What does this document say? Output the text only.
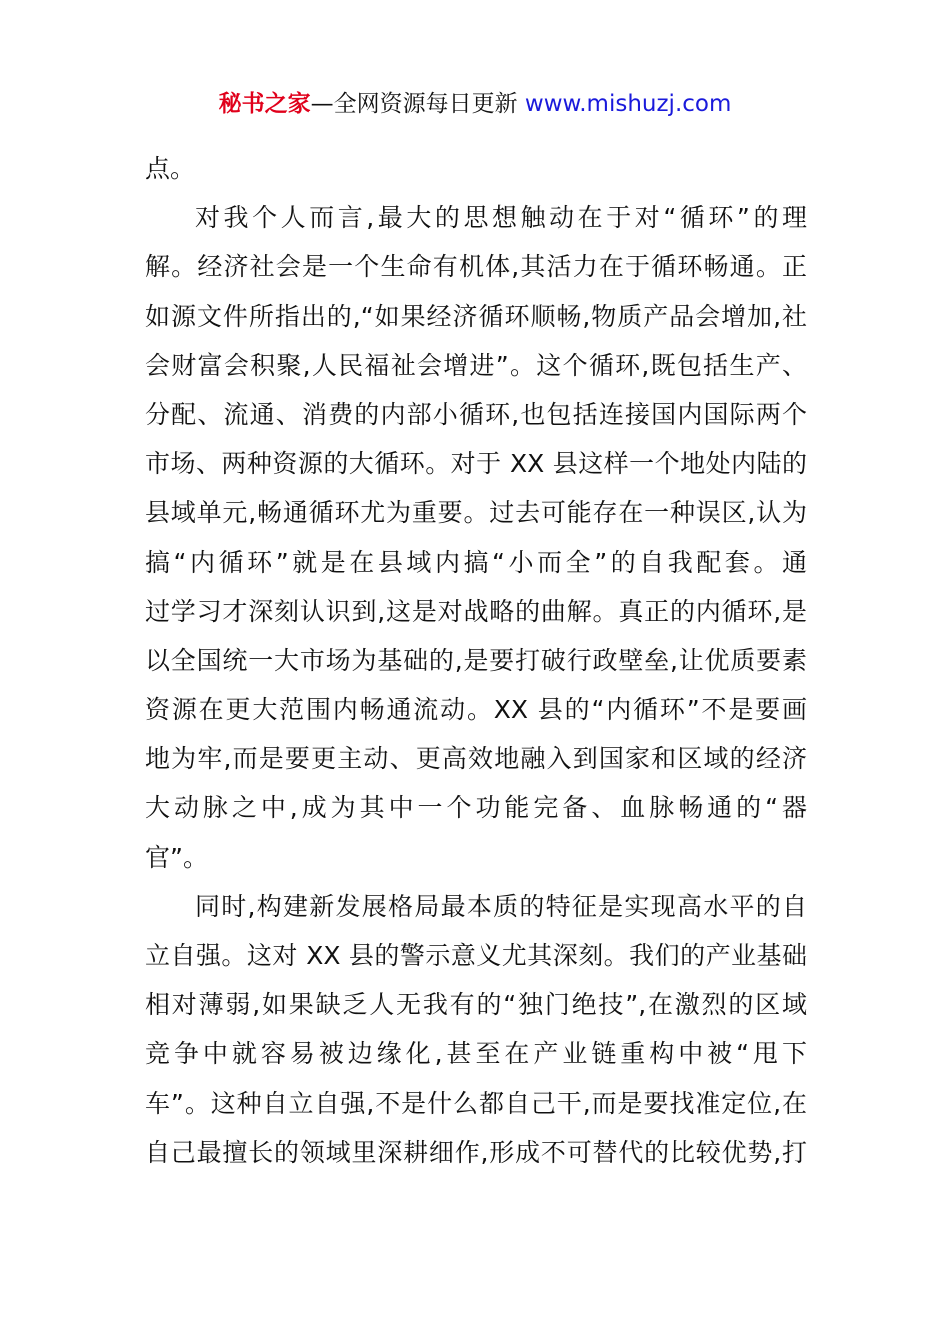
秘书之家—全网资源每日更新 www.mishuzj.com
点。
对我个人而言,最大的思想触动在于对“循环”的理
解。经济社会是一个生命有机体,其活力在于循环畅通。正
如源文件所指出的,“如果经济循环顺畅,物质产品会增加,社
会财富会积聚,人民福祉会增进”。这个循环,既包括生产、
分配、流通、消费的内部小循环,也包括连接国内国际两个
市场、两种资源的大循环。对于 XX 县这样一个地处内陆的
县域单元,畅通循环尤为重要。过去可能存在一种误区,认为
搞“内循环”就是在县域内搞“小而全”的自我配套。通
过学习才深刻认识到,这是对战略的曲解。真正的内循环,是
以全国统一大市场为基础的,是要打破行政壁垒,让优质要素
资源在更大范围内畅通流动。XX 县的“内循环”不是要画
地为牢,而是要更主动、更高效地融入到国家和区域的经济
大动脉之中,成为其中一个功能完备、血脉畅通的“器
官”。
同时,构建新发展格局最本质的特征是实现高水平的自
立自强。这对 XX 县的警示意义尤其深刻。我们的产业基础
相对薄弱,如果缺乏人无我有的“独门绝技”,在激烈的区域
竞争中就容易被边缘化,甚至在产业链重构中被“甩下
车”。这种自立自强,不是什么都自己干,而是要找准定位,在
自己最擅长的领域里深耕细作,形成不可替代的比较优势,打
